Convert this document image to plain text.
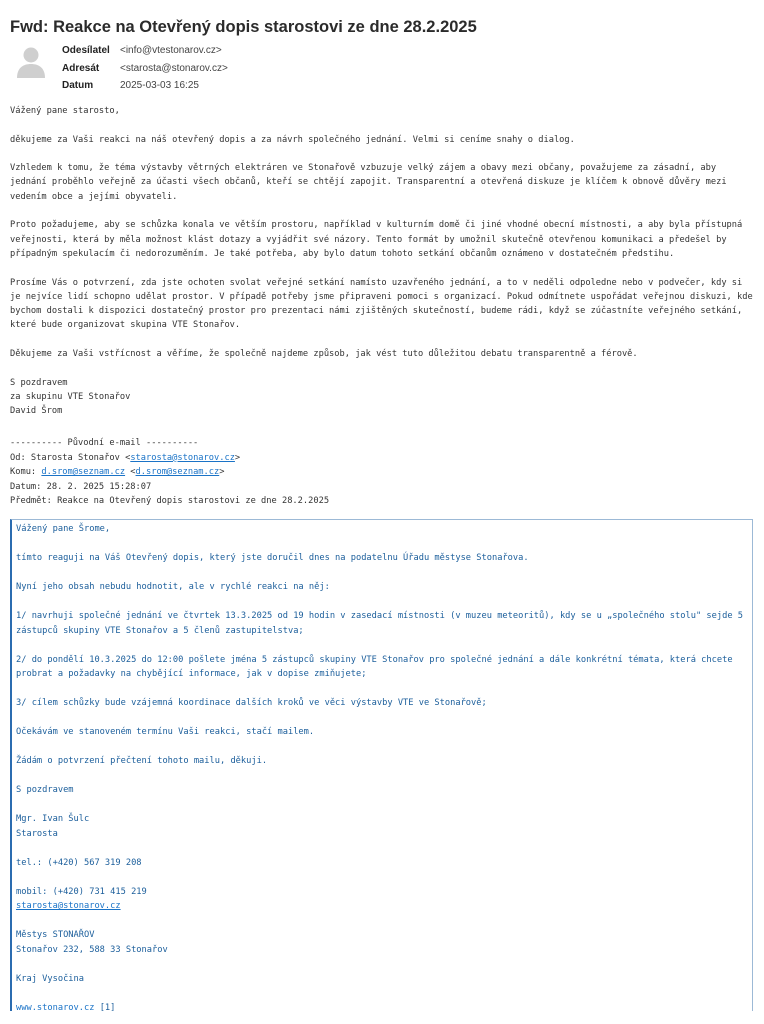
Fwd: Reakce na Otevřený dopis starostovi ze dne 28.2.2025
Odesílatel <info@vtestonarov.cz>
Adresát <starosta@stonarov.cz>
Datum	2025-03-03 16:25

Vážený pane starosto,

děkujeme za Vaši reakci na náš otevřený dopis a za návrh společného jednání. Velmi si ceníme snahy o dialog.

Vzhledem k tomu, že téma výstavby větrných elektráren ve Stonařově vzbuzuje velký zájem a obavy mezi občany, považujeme za zásadní, aby
jednání proběhlo veřejně za účasti všech občanů, kteří se chtějí zapojit. Transparentní a otevřená diskuze je klíčem k obnově důvěry mezi
vedením obce a jejími obyvateli.

Proto požadujeme, aby se schůzka konala ve větším prostoru, například v kulturním domě či jiné vhodné obecní místnosti, a aby byla přístupná
veřejnosti, která by měla možnost klást dotazy a vyjádřit své názory. Tento formát by umožnil skutečně otevřenou komunikaci a předešel by
případným spekulacím či nedorozuměním. Je také potřeba, aby bylo datum tohoto setkání občanům oznámeno v dostatečném předstihu.

Prosíme Vás o potvrzení, zda jste ochoten svolat veřejné setkání namísto uzavřeného jednání, a to v neděli odpoledne nebo v podvečer, kdy si
je nejvíce lidí schopno udělat prostor. V případě potřeby jsme připraveni pomoci s organizací. Pokud odmítnete uspořádat veřejnou diskuzi, kde
bychom dostali k dispozici dostatečný prostor pro prezentaci námi zjištěných skutečností, budeme rádi, když se zúčastníte veřejného setkání,
které bude organizovat skupina VTE Stonařov.

Děkujeme za Vaši vstřícnost a věříme, že společně najdeme způsob, jak vést tuto důležitou debatu transparentně a férově.

S pozdravem
za skupinu VTE Stonařov
David Šrom

---------- Původní e-mail ----------
Od: Starosta Stonařov <starosta@stonarov.cz>
Komu: d.srom@seznam.cz <d.srom@seznam.cz>
Datum: 28. 2. 2025 15:28:07
Předmět: Reakce na Otevřený dopis starostovi ze dne 28.2.2025

Vážený pane Šrome,

tímto reaguji na Váš Otevřený dopis, který jste doručil dnes na podatelnu Úřadu městyse Stonařova.

Nyní jeho obsah nebudu hodnotit, ale v rychlé reakci na něj:

1/ navrhuji společné jednání ve čtvrtek 13.3.2025 od 19 hodin v zasedací místnosti (v muzeu meteoritů), kdy se u „společného stolu" sejde 5
zástupců skupiny VTE Stonařov a 5 členů zastupitelstva;

2/ do pondělí 10.3.2025 do 12:00 pošlete jména 5 zástupců skupiny VTE Stonařov pro společné jednání a dále konkrétní témata, která chcete
probrat a požadavky na chybějící informace, jak v dopise zmiňujete;

3/ cílem schůzky bude vzájemná koordinace dalších kroků ve věci výstavby VTE ve Stonařově;

Očekávám ve stanoveném termínu Vaši reakci, stačí mailem.

Žádám o potvrzení přečtení tohoto mailu, děkuji.

S pozdravem

Mgr. Ivan Šulc
Starosta

tel.: (+420) 567 319 208

mobil: (+420) 731 415 219
starosta@stonarov.cz

Městys STONAŘOV
Stonařov 232, 588 33 Stonařov

Kraj Vysočina

www.stonarov.cz [1]
